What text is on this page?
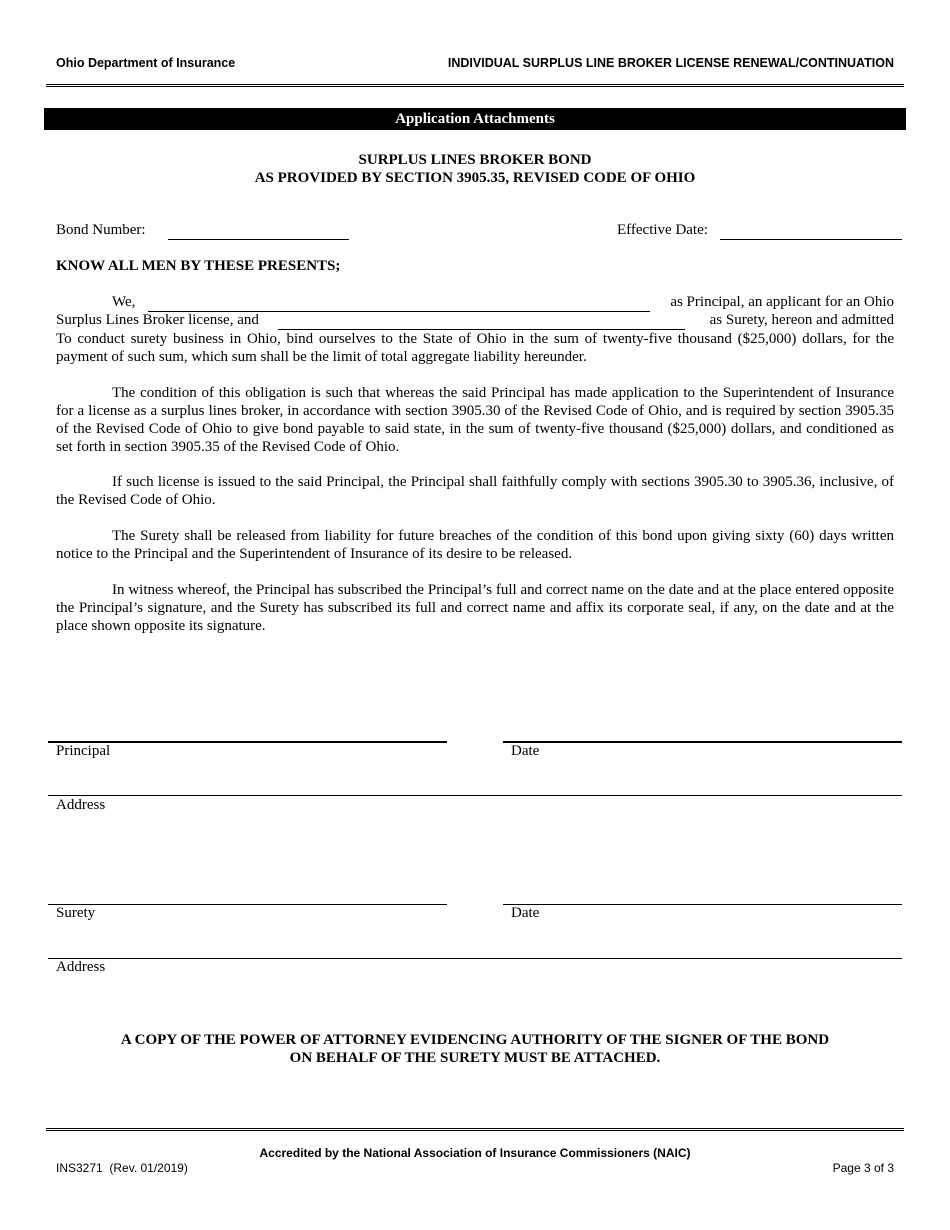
Ohio Department of Insurance	INDIVIDUAL SURPLUS LINE BROKER LICENSE RENEWAL/CONTINUATION
Application Attachments
SURPLUS LINES BROKER BOND
AS PROVIDED BY SECTION 3905.35, REVISED CODE OF OHIO
Bond Number:	Effective Date:
KNOW ALL MEN BY THESE PRESENTS;
We,	as Principal, an applicant for an Ohio
Surplus Lines Broker license, and	as Surety, hereon and admitted
To conduct surety business in Ohio, bind ourselves to the State of Ohio in the sum of twenty-five thousand ($25,000) dollars, for the payment of such sum, which sum shall be the limit of total aggregate liability hereunder.
The condition of this obligation is such that whereas the said Principal has made application to the Superintendent of Insurance for a license as a surplus lines broker, in accordance with section 3905.30 of the Revised Code of Ohio, and is required by section 3905.35 of the Revised Code of Ohio to give bond payable to said state, in the sum of twenty-five thousand ($25,000) dollars, and conditioned as set forth in section 3905.35 of the Revised Code of Ohio.
If such license is issued to the said Principal, the Principal shall faithfully comply with sections 3905.30 to 3905.36, inclusive, of the Revised Code of Ohio.
The Surety shall be released from liability for future breaches of the condition of this bond upon giving sixty (60) days written notice to the Principal and the Superintendent of Insurance of its desire to be released.
In witness whereof, the Principal has subscribed the Principal’s full and correct name on the date and at the place entered opposite the Principal’s signature, and the Surety has subscribed its full and correct name and affix its corporate seal, if any, on the date and at the place shown opposite its signature.
Principal	Date
Address
Surety	Date
Address
A COPY OF THE POWER OF ATTORNEY EVIDENCING AUTHORITY OF THE SIGNER OF THE BOND
ON BEHALF OF THE SURETY MUST BE ATTACHED.
Accredited by the National Association of Insurance Commissioners (NAIC)
INS3271  (Rev. 01/2019)	Page 3 of 3
